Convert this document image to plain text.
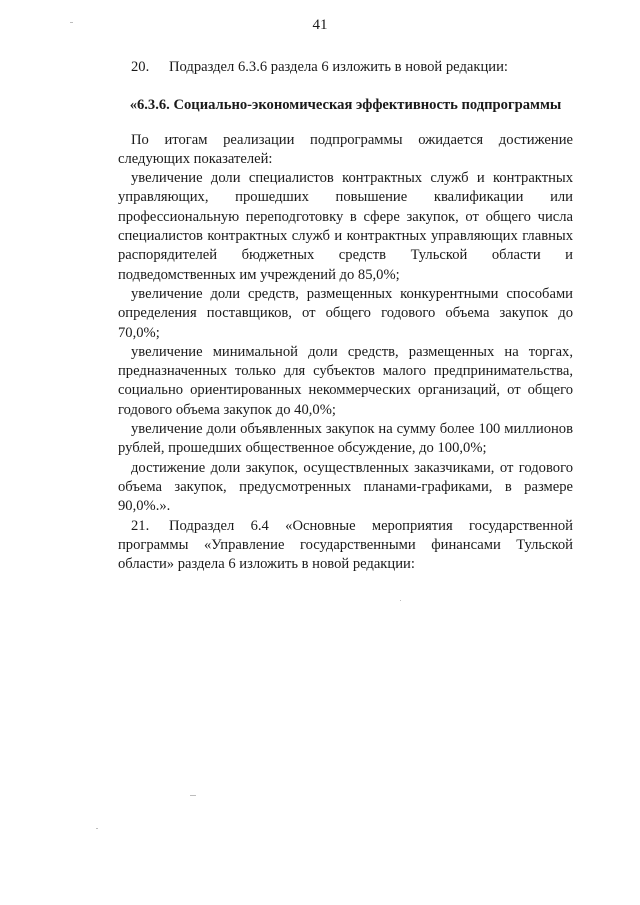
41

20. Подраздел 6.3.6 раздела 6 изложить в новой редакции:

«6.3.6. Социально-экономическая эффективность подпрограммы

По итогам реализации подпрограммы ожидается достижение следующих показателей:

увеличение доли специалистов контрактных служб и контрактных управляющих, прошедших повышение квалификации или профессиональную переподготовку в сфере закупок, от общего числа специалистов контрактных служб и контрактных управляющих главных распорядителей бюджетных средств Тульской области и подведомственных им учреждений до 85,0%;

увеличение доли средств, размещенных конкурентными способами определения поставщиков, от общего годового объема закупок до 70,0%;

увеличение минимальной доли средств, размещенных на торгах, предназначенных только для субъектов малого предпринимательства, социально ориентированных некоммерческих организаций, от общего годового объема закупок до 40,0%;

увеличение доли объявленных закупок на сумму более 100 миллионов рублей, прошедших общественное обсуждение, до 100,0%;

достижение доли закупок, осуществленных заказчиками, от годового объема закупок, предусмотренных планами-графиками, в размере 90,0%.».

21. Подраздел 6.4 «Основные мероприятия государственной программы «Управление государственными финансами Тульской области» раздела 6 изложить в новой редакции:
